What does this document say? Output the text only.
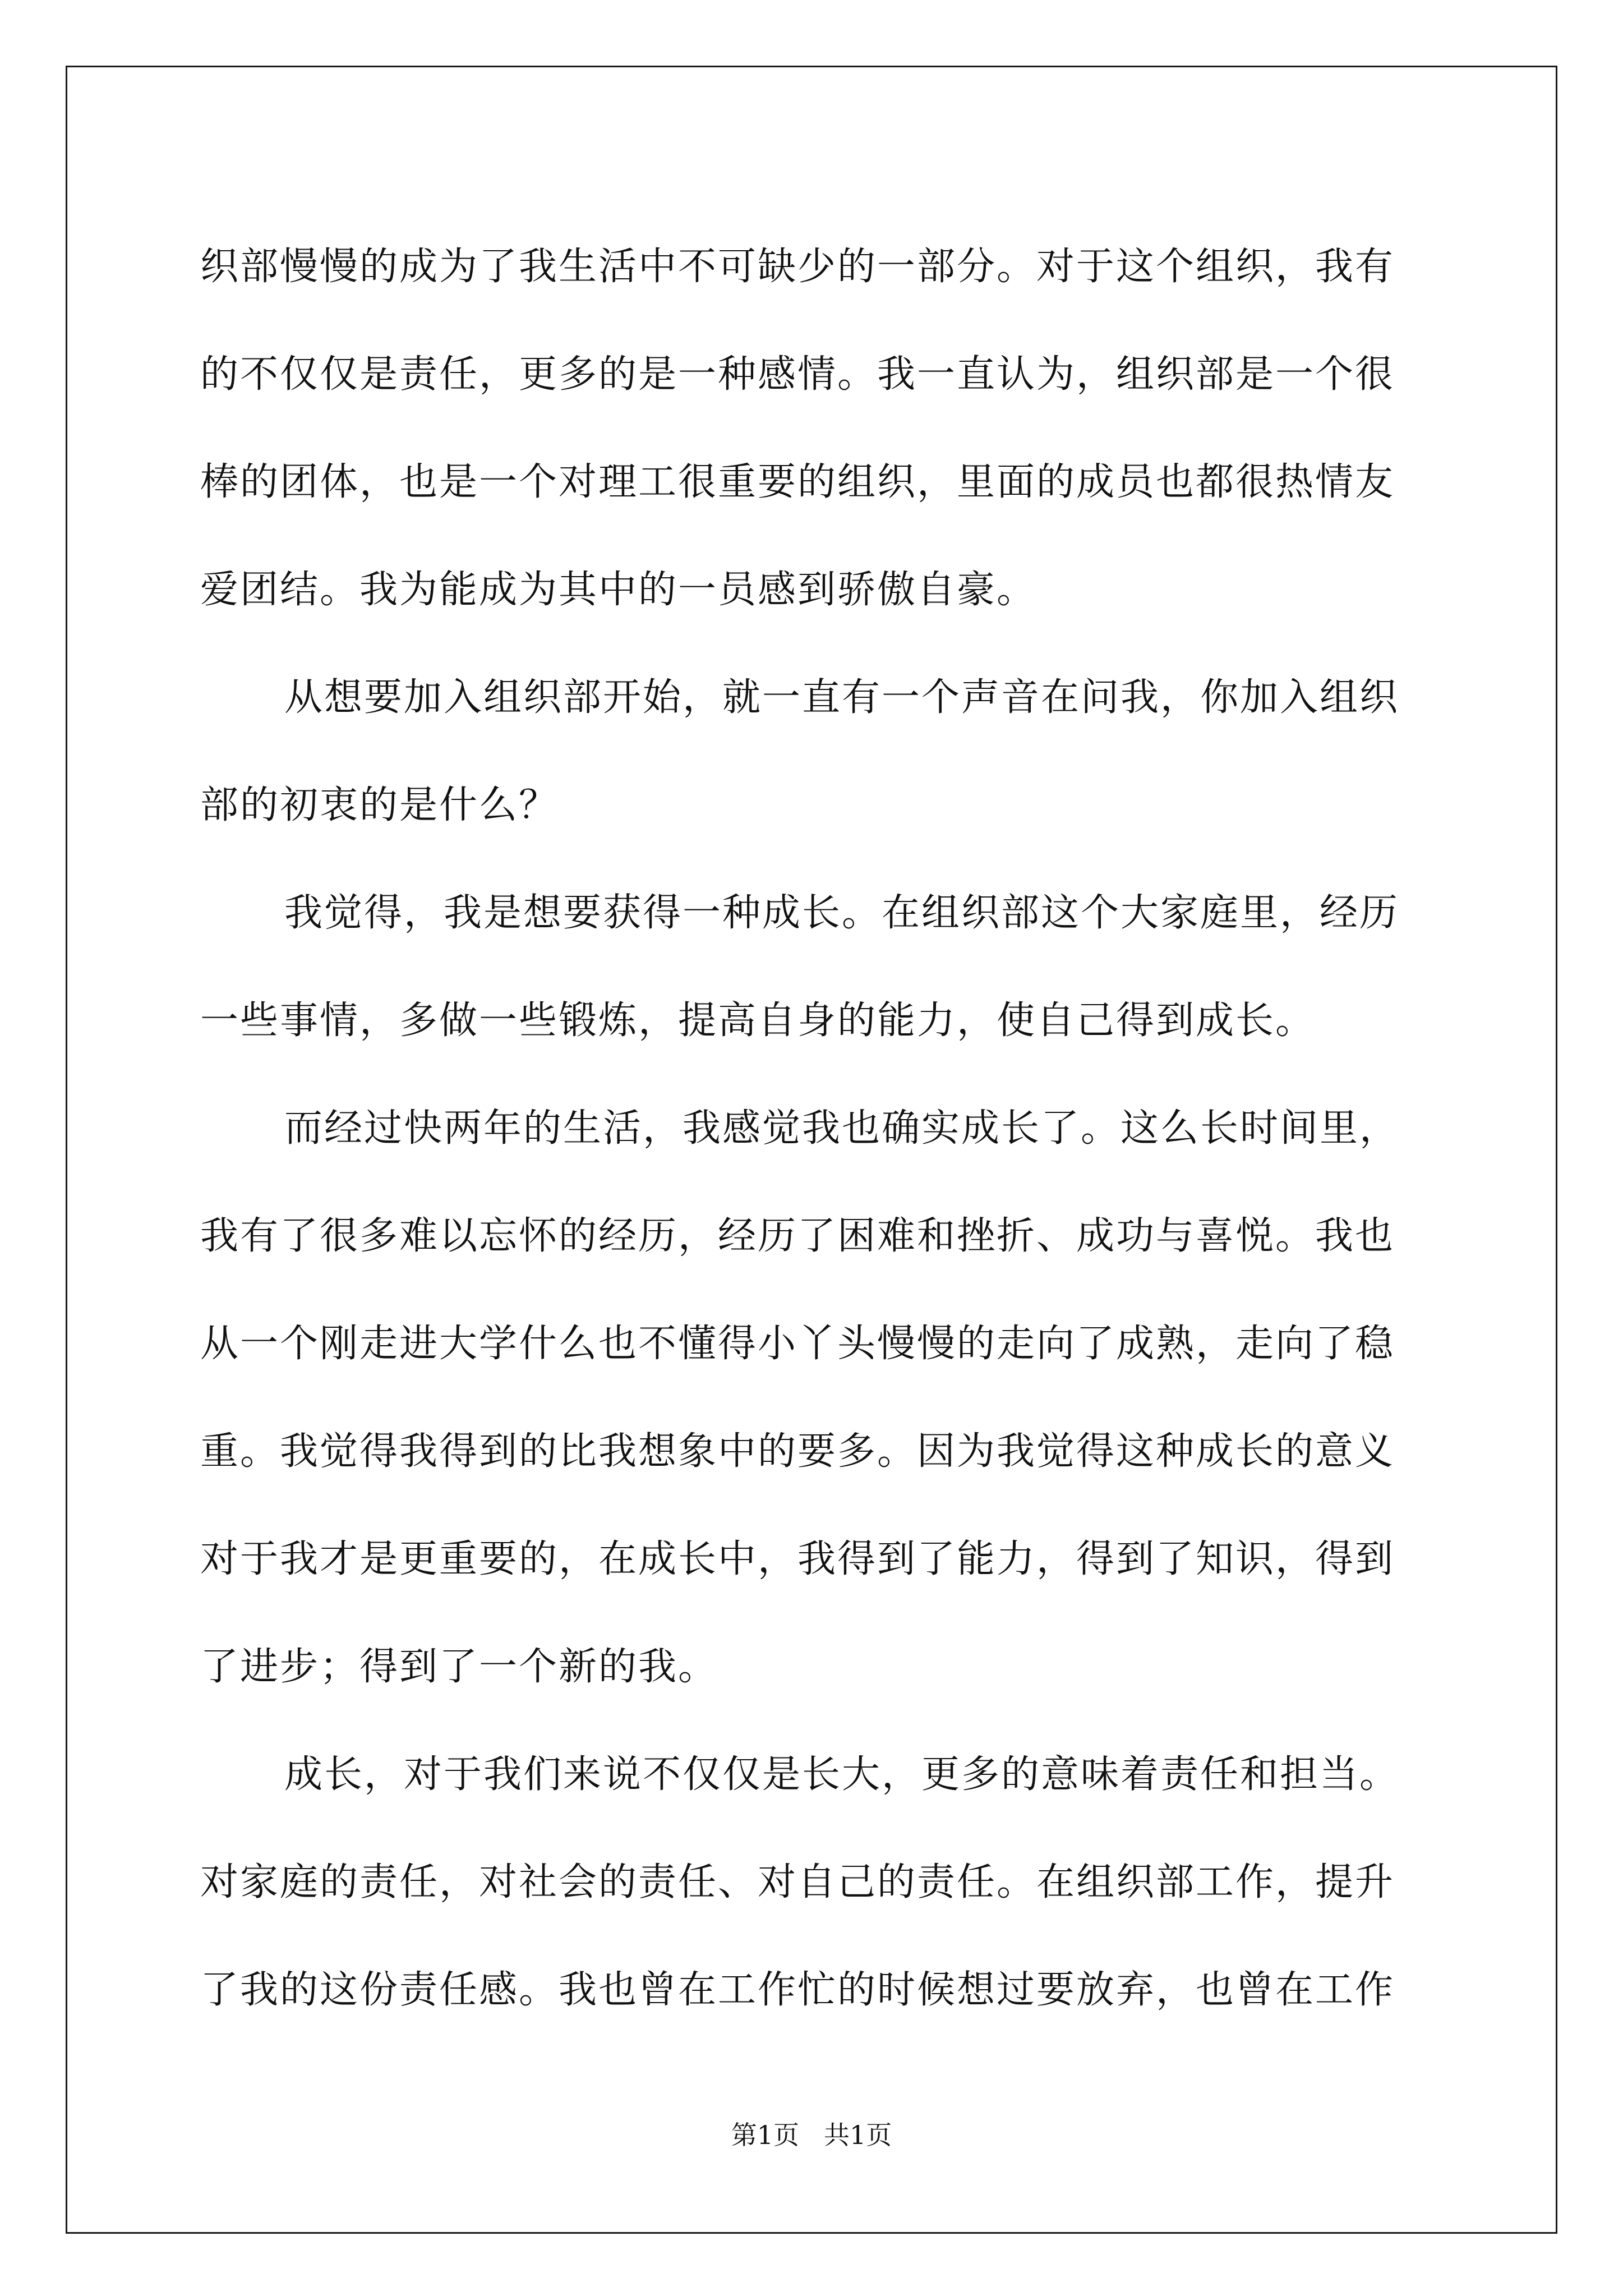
织部慢慢的成为了我生活中不可缺少的一部分。对于这个组织，我有

的不仅仅是责任，更多的是一种感情。我一直认为，组织部是一个很

棒的团体，也是一个对理工很重要的组织，里面的成员也都很热情友

爱团结。我为能成为其中的一员感到骄傲自豪。

从想要加入组织部开始，就一直有一个声音在问我，你加入组织

部的初衷的是什么？

我觉得，我是想要获得一种成长。在组织部这个大家庭里，经历

一些事情，多做一些锻炼，提高自身的能力，使自己得到成长。

而经过快两年的生活，我感觉我也确实成长了。这么长时间里，

我有了很多难以忘怀的经历，经历了困难和挫折、成功与喜悦。我也

从一个刚走进大学什么也不懂得小丫头慢慢的走向了成熟，走向了稳

重。我觉得我得到的比我想象中的要多。因为我觉得这种成长的意义

对于我才是更重要的，在成长中，我得到了能力，得到了知识，得到

了进步；得到了一个新的我。

成长，对于我们来说不仅仅是长大，更多的意味着责任和担当。

对家庭的责任，对社会的责任、对自己的责任。在组织部工作，提升

了我的这份责任感。我也曾在工作忙的时候想过要放弃，也曾在工作

第1页 共1页
